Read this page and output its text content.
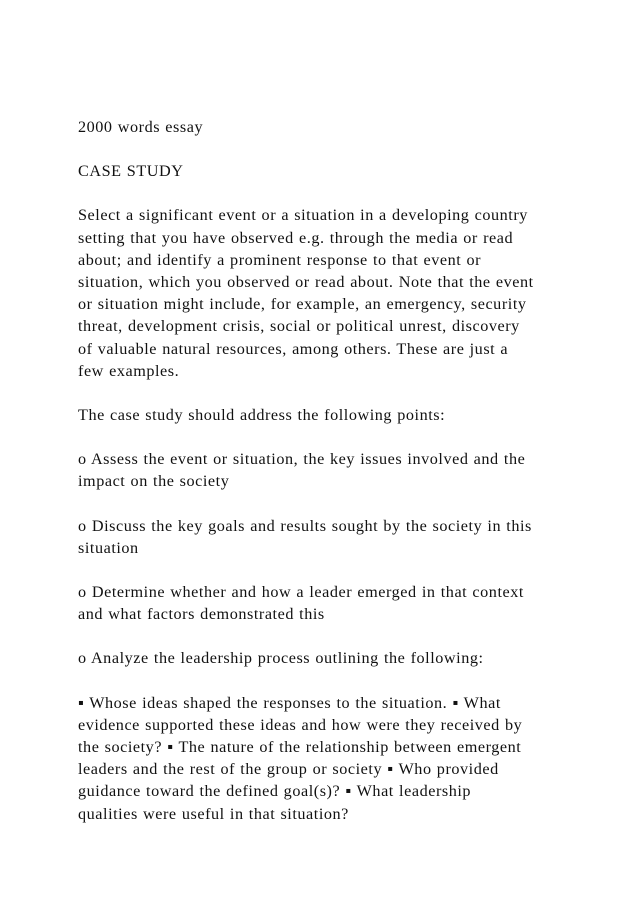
2000 words essay

CASE STUDY

Select a significant event or a situation in a developing country
setting that you have observed e.g. through the media or read
about; and identify a prominent response to that event or
situation, which you observed or read about. Note that the event
or situation might include, for example, an emergency, security
threat, development crisis, social or political unrest, discovery
of valuable natural resources, among others. These are just a
few examples.

The case study should address the following points:

o Assess the event or situation, the key issues involved and the
impact on the society

o Discuss the key goals and results sought by the society in this
situation

o Determine whether and how a leader emerged in that context
and what factors demonstrated this

o Analyze the leadership process outlining the following:

▪ Whose ideas shaped the responses to the situation. ▪ What
evidence supported these ideas and how were they received by
the society? ▪ The nature of the relationship between emergent
leaders and the rest of the group or society ▪ Who provided
guidance toward the defined goal(s)? ▪ What leadership
qualities were useful in that situation?
